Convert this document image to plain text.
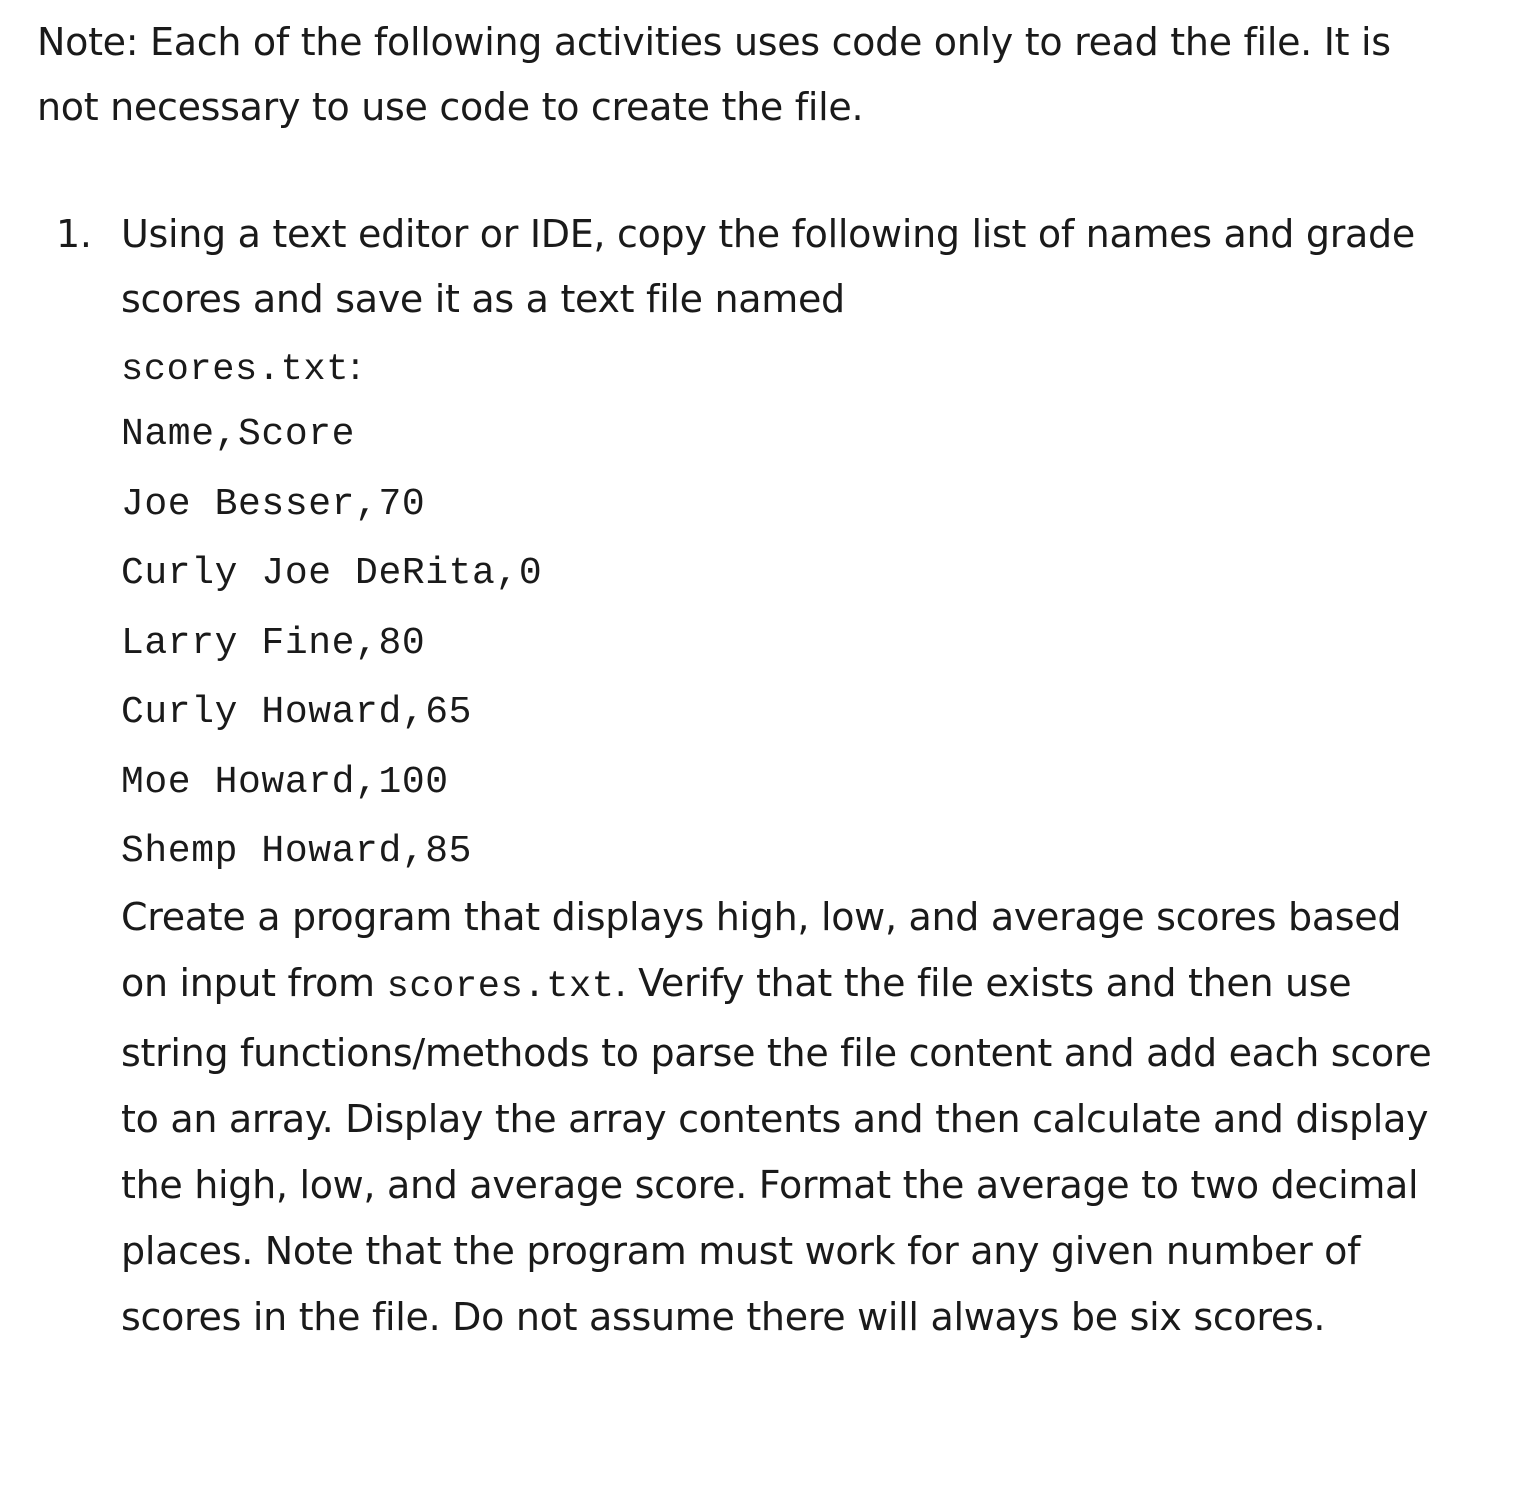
Note: Each of the following activities uses code only to read the file. It is not necessary to use code to create the file.

1. Using a text editor or IDE, copy the following list of names and grade scores and save it as a text file named

scores.txt:

Name,Score
Joe Besser,70
Curly Joe DeRita,0
Larry Fine,80
Curly Howard,65
Moe Howard,100
Shemp Howard,85

Create a program that displays high, low, and average scores based on input from scores.txt. Verify that the file exists and then use string functions/methods to parse the file content and add each score to an array. Display the array contents and then calculate and display the high, low, and average score. Format the average to two decimal places. Note that the program must work for any given number of scores in the file. Do not assume there will always be six scores.
